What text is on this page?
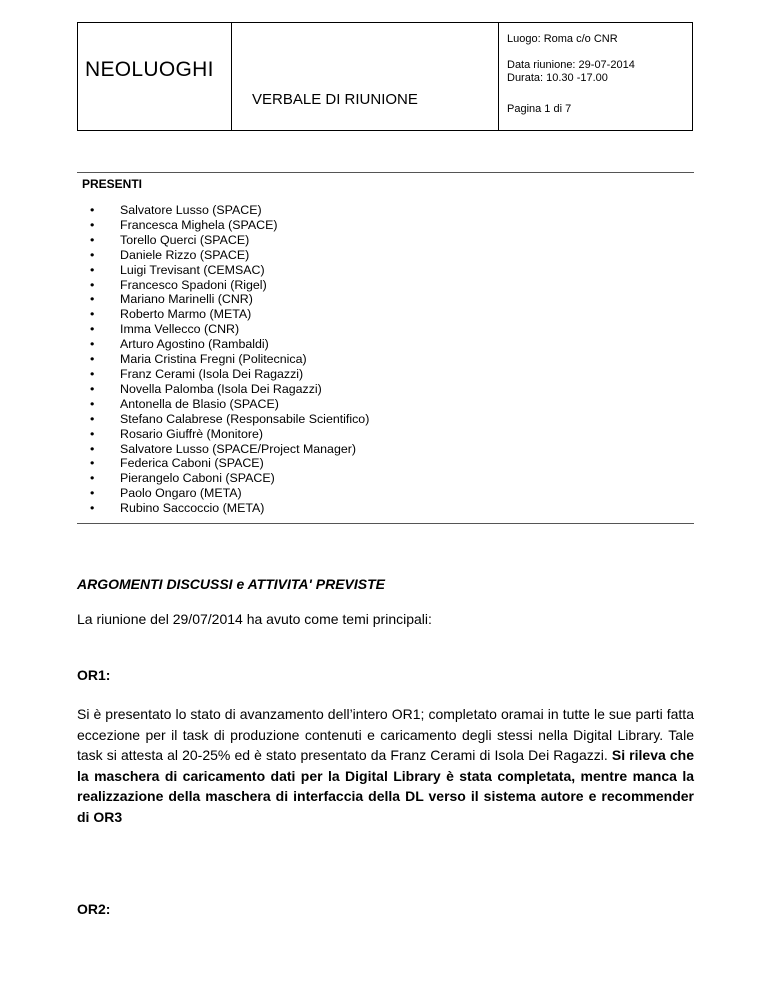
NEOLUOGHI
VERBALE DI RIUNIONE
Luogo: Roma c/o CNR
Data riunione: 29-07-2014
Durata: 10.30 -17.00
Pagina 1 di 7
PRESENTI
• Salvatore Lusso (SPACE)
• Francesca Mighela (SPACE)
• Torello Querci (SPACE)
• Daniele Rizzo (SPACE)
• Luigi Trevisant (CEMSAC)
• Francesco Spadoni (Rigel)
• Mariano Marinelli (CNR)
• Roberto Marmo (META)
• Imma Vellecco (CNR)
• Arturo Agostino (Rambaldi)
• Maria Cristina Fregni (Politecnica)
• Franz Cerami (Isola Dei Ragazzi)
• Novella Palomba (Isola Dei Ragazzi)
• Antonella de Blasio (SPACE)
• Stefano Calabrese (Responsabile Scientifico)
• Rosario Giuffrè (Monitore)
• Salvatore Lusso (SPACE/Project Manager)
• Federica Caboni (SPACE)
• Pierangelo Caboni (SPACE)
• Paolo Ongaro (META)
• Rubino Saccoccio (META)
ARGOMENTI DISCUSSI e ATTIVITA' PREVISTE
La riunione del 29/07/2014 ha avuto come temi principali:
OR1:
Si è presentato lo stato di avanzamento dell’intero OR1; completato oramai in tutte le sue parti fatta eccezione per il task di produzione contenuti e caricamento degli stessi nella Digital Library. Tale task si attesta al 20-25% ed è stato presentato da Franz Cerami di Isola Dei Ragazzi. Si rileva che la maschera di caricamento dati per la Digital Library è stata completata, mentre manca la realizzazione della maschera di interfaccia della DL verso il sistema autore e recommender di OR3
OR2:
